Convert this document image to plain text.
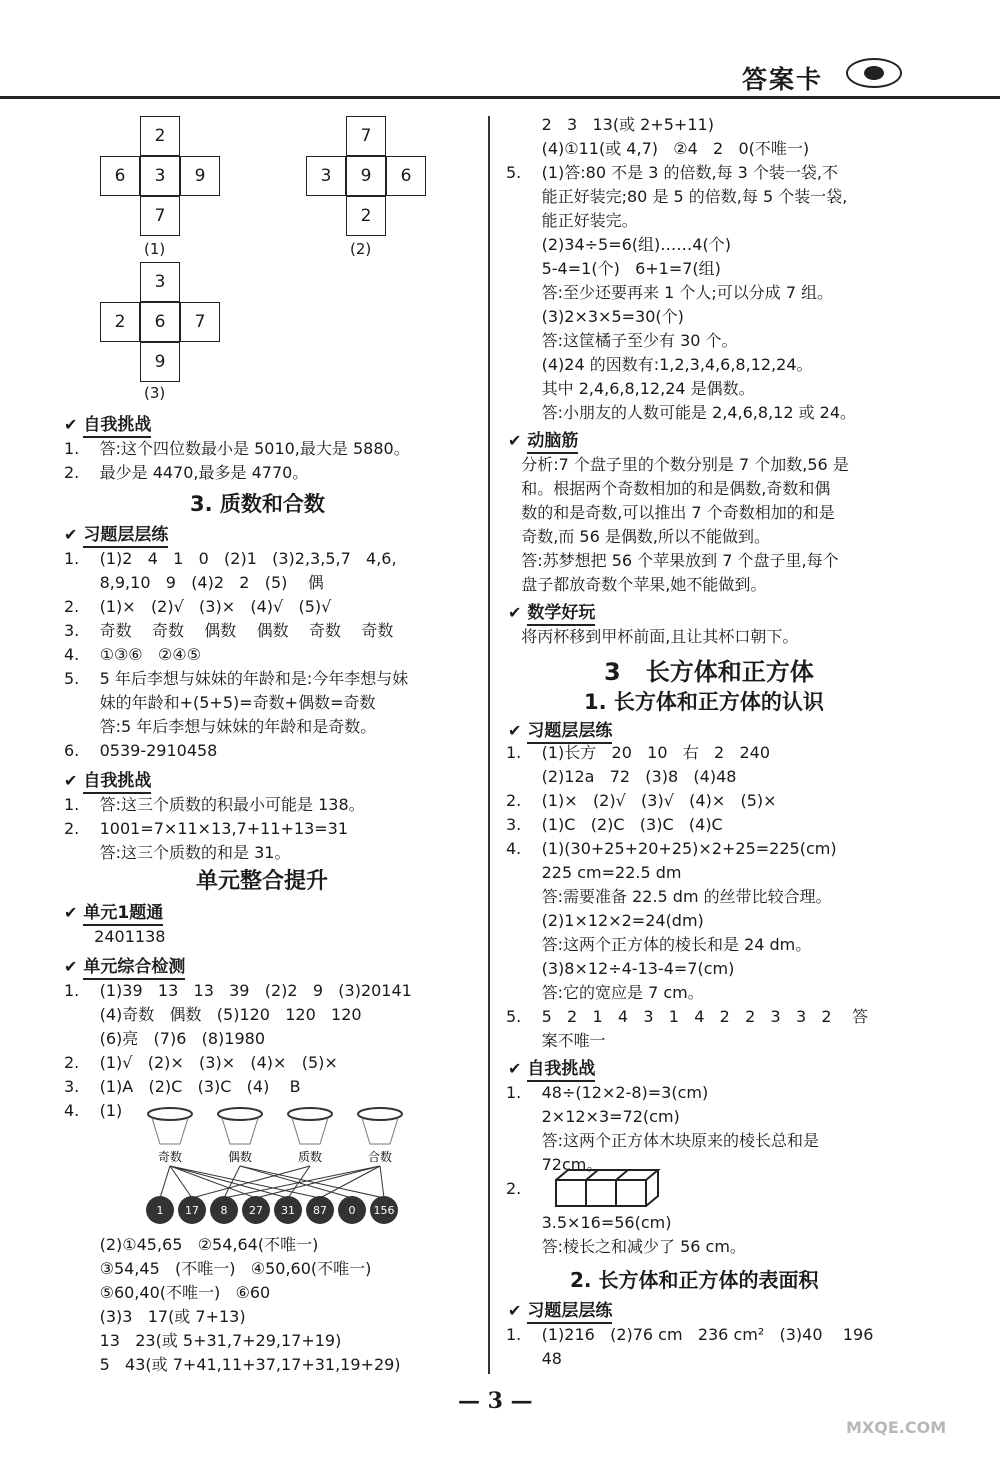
答案卡
2
6	3	9
7
(1)
7
3	9	6
2
(2)
3
2	6	7
9
(3)
✔ 自我挑战
1.    答:这个四位数最小是 5010,最大是 5880。
2.    最少是 4470,最多是 4770。
3. 质数和合数
✔ 习题层层练
1.    (1)2   4   1   0   (2)1   (3)2,3,5,7   4,6,
8,9,10   9   (4)2   2   (5)    偶
2.    (1)×   (2)√   (3)×   (4)√   (5)√
3.    奇数    奇数    偶数    偶数    奇数    奇数
4.    ①③⑥   ②④⑤
5.    5 年后李想与妹妹的年龄和是:今年李想与妹
妹的年龄和+(5+5)=奇数+偶数=奇数
答:5 年后李想与妹妹的年龄和是奇数。
6.    0539-2910458
✔ 自我挑战
1.    答:这三个质数的积最小可能是 138。
2.    1001=7×11×13,7+11+13=31
答:这三个质数的和是 31。
单元整合提升
✔ 单元1题通
2401138
✔ 单元综合检测
1.    (1)39   13   13   39   (2)2   9   (3)20141
(4)奇数   偶数   (5)120   120   120
(6)亮   (7)6   (8)1980
2.    (1)√   (2)×   (3)×   (4)×   (5)×
3.    (1)A   (2)C   (3)C   (4)    B
4.    (1)
奇数	偶数	质数	合数
1 17 8 27 31 87 0 156
(2)①45,65   ②54,64(不唯一)
③54,45   (不唯一)   ④50,60(不唯一)
⑤60,40(不唯一)   ⑥60
(3)3   17(或 7+13)
13   23(或 5+31,7+29,17+19)
5   43(或 7+41,11+37,17+31,19+29)
2   3   13(或 2+5+11)
(4)①11(或 4,7)   ②4   2   0(不唯一)
5.    (1)答:80 不是 3 的倍数,每 3 个装一袋,不
能正好装完;80 是 5 的倍数,每 5 个装一袋,
能正好装完。
(2)34÷5=6(组)……4(个)
5-4=1(个)   6+1=7(组)
答:至少还要再来 1 个人;可以分成 7 组。
(3)2×3×5=30(个)
答:这筐橘子至少有 30 个。
(4)24 的因数有:1,2,3,4,6,8,12,24。
其中 2,4,6,8,12,24 是偶数。
答:小朋友的人数可能是 2,4,6,8,12 或 24。
✔ 动脑筋
分析:7 个盘子里的个数分别是 7 个加数,56 是
和。根据两个奇数相加的和是偶数,奇数和偶
数的和是奇数,可以推出 7 个奇数相加的和是
奇数,而 56 是偶数,所以不能做到。
答:苏梦想把 56 个苹果放到 7 个盘子里,每个
盘子都放奇数个苹果,她不能做到。
✔ 数学好玩
将丙杯移到甲杯前面,且让其杯口朝下。
3   长方体和正方体
1. 长方体和正方体的认识
✔ 习题层层练
1.    (1)长方   20   10   右   2   240
(2)12a   72   (3)8   (4)48
2.    (1)×   (2)√   (3)√   (4)×   (5)×
3.    (1)C   (2)C   (3)C   (4)C
4.    (1)(30+25+20+25)×2+25=225(cm)
225 cm=22.5 dm
答:需要准备 22.5 dm 的丝带比较合理。
(2)1×12×2=24(dm)
答:这两个正方体的棱长和是 24 dm。
(3)8×12÷4-13-4=7(cm)
答:它的宽应是 7 cm。
5.    5   2   1   4   3   1   4   2   2   3   3   2    答
案不唯一
✔ 自我挑战
1.    48÷(12×2-8)=3(cm)
2×12×3=72(cm)
答:这两个正方体木块原来的棱长总和是
72cm。
2.
3.5×16=56(cm)
答:棱长之和减少了 56 cm。
2. 长方体和正方体的表面积
✔ 习题层层练
1.    (1)216   (2)76 cm   236 cm²   (3)40    196
48
— 3 —
MXQE.COM
